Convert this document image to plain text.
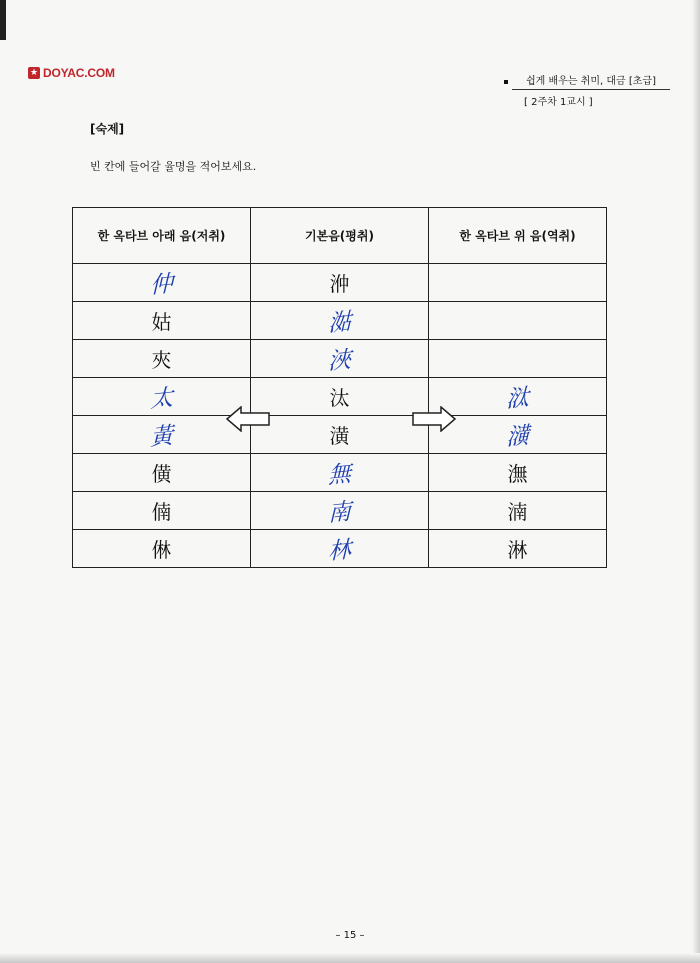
★ DOYAC.COM
쉽게 배우는 취미, 대금 [초급]
[ 2주차 1교시 ]
[숙제]
빈 칸에 들어갈 율명을 적어보세요.
한 옥타브 아래 음(저취)	기본음(평취)	한 옥타브 위 음(역취)
仲	㳞	
姑	㴌	
夾	浹	
太	汰	㳲
黃	潢	㶂
僙	無	潕
㑲	南	湳
㑣	林	淋
– 15 –
